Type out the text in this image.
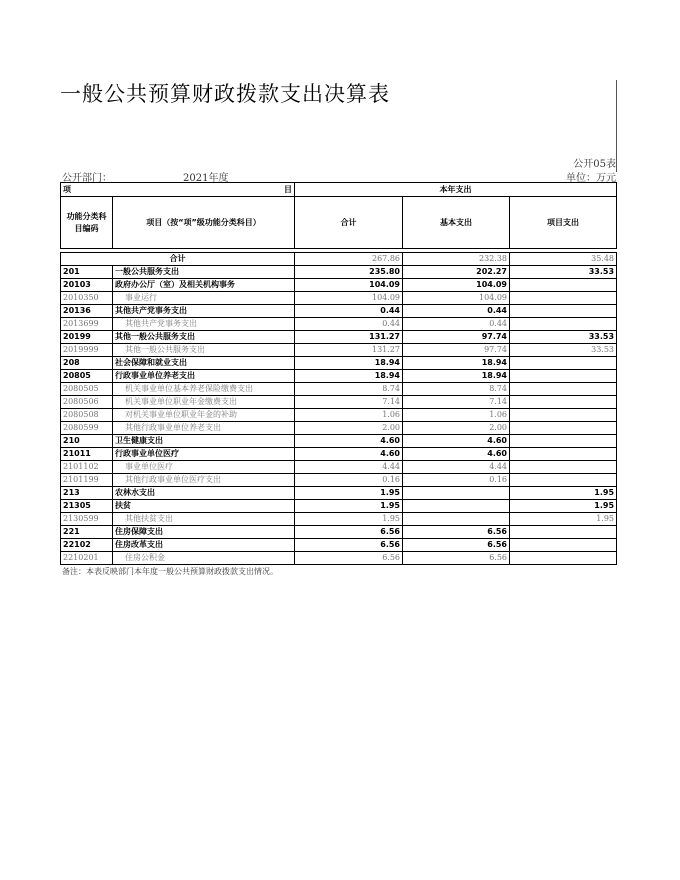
一般公共预算财政拨款支出决算表
公开05表
公开部门：	2021年度	单位：万元
项 目		本年支出		
功能分类科目编码	项目（按“项”级功能分类科目）	合计	基本支出	项目支出

合计		267.86	232.38	35.48
201	一般公共服务支出	235.80	202.27	33.53
20103	政府办公厅（室）及相关机构事务	104.09	104.09	
2010350	事业运行	104.09	104.09	
20136	其他共产党事务支出	0.44	0.44	
2013699	其他共产党事务支出	0.44	0.44	
20199	其他一般公共服务支出	131.27	97.74	33.53
2019999	其他一般公共服务支出	131.27	97.74	33.53
208	社会保障和就业支出	18.94	18.94	
20805	行政事业单位养老支出	18.94	18.94	
2080505	机关事业单位基本养老保险缴费支出	8.74	8.74	
2080506	机关事业单位职业年金缴费支出	7.14	7.14	
2080508	对机关事业单位职业年金的补助	1.06	1.06	
2080599	其他行政事业单位养老支出	2.00	2.00	
210	卫生健康支出	4.60	4.60	
21011	行政事业单位医疗	4.60	4.60	
2101102	事业单位医疗	4.44	4.44	
2101199	其他行政事业单位医疗支出	0.16	0.16	
213	农林水支出	1.95		1.95
21305	扶贫	1.95		1.95
2130599	其他扶贫支出	1.95		1.95
221	住房保障支出	6.56	6.56	
22102	住房改革支出	6.56	6.56	
2210201	住房公积金	6.56	6.56	
备注：本表反映部门本年度一般公共预算财政拨款支出情况。
